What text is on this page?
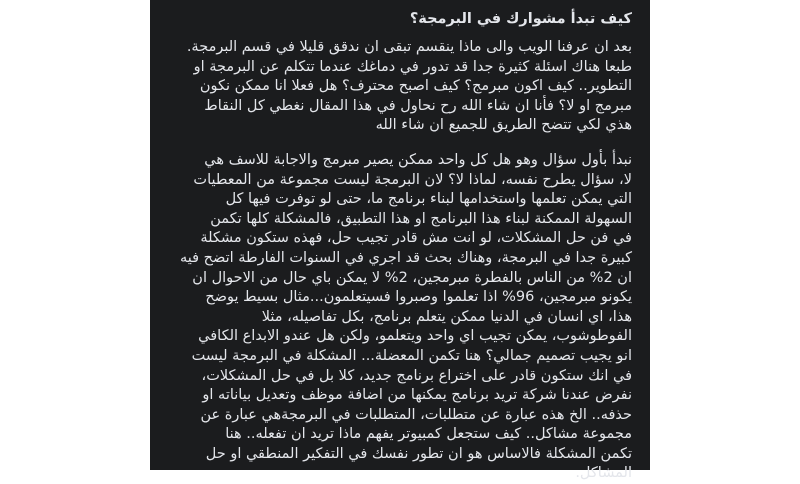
كيف تبدأ مشوارك في البرمجة؟

بعد ان عرفنا الويب والى ماذا ينقسم تبقى ان ندقق قليلا في قسم البرمجة.
طبعا هناك اسئلة كثيرة جدا قد تدور في دماغك عندما تتكلم عن البرمجة او
التطوير.. كيف اكون مبرمج؟ كيف اصبح محترف؟ هل فعلا انا ممكن نكون
مبرمج او لا؟ فأنا ان شاء الله رح نحاول في هذا المقال نغطي كل النقاط
هذي لكي تتضح الطريق للجميع ان شاء الله

نبدأ بأول سؤال وهو هل كل واحد ممكن يصير مبرمج والاجابة للاسف هي
لا، سؤال يطرح نفسه، لماذا لا؟ لان البرمجة ليست مجموعة من المعطيات
التي يمكن تعلمها واستخدامها لبناء برنامج ما، حتى لو توفرت فيها كل
السهولة الممكنة لبناء هذا البرنامج او هذا التطبيق، فالمشكلة كلها تكمن
في فن حل المشكلات، لو انت مش قادر تجيب حل، فهذه ستكون مشكلة
كبيرة جدا في البرمجة، وهناك بحث قد اجري في السنوات الفارطة اتضح فيه
ان 2% من الناس بالفطرة مبرمجين، 2% لا يمكن باي حال من الاحوال ان
يكونو مبرمجين، 96% اذا تعلموا وصبروا فسيتعلمون...مثال بسيط يوضح
هذا، اي انسان في الدنيا ممكن يتعلم برنامج، بكل تفاصيله، مثلا
الفوطوشوب، يمكن تجيب اي واحد ويتعلمو، ولكن هل عندو الابداع الكافي
انو يجيب تصميم جمالي؟ هنا تكمن المعضلة... المشكلة في البرمجة ليست
في انك ستكون قادر على اختراع برنامج جديد، كلا بل في حل المشكلات،
نفرض عندنا شركة تريد برنامج يمكنها من اضافة موظف وتعديل بياناته او
حذفه.. الخ هذه عبارة عن متطلبات، المتطلبات في البرمجةهي عبارة عن
مجموعة مشاكل.. كيف ستجعل كمبيوتر يفهم ماذا تريد ان تفعله.. هنا
تكمن المشكلة فالاساس هو ان تطور نفسك في التفكير المنطقي او حل
المشاكل.
